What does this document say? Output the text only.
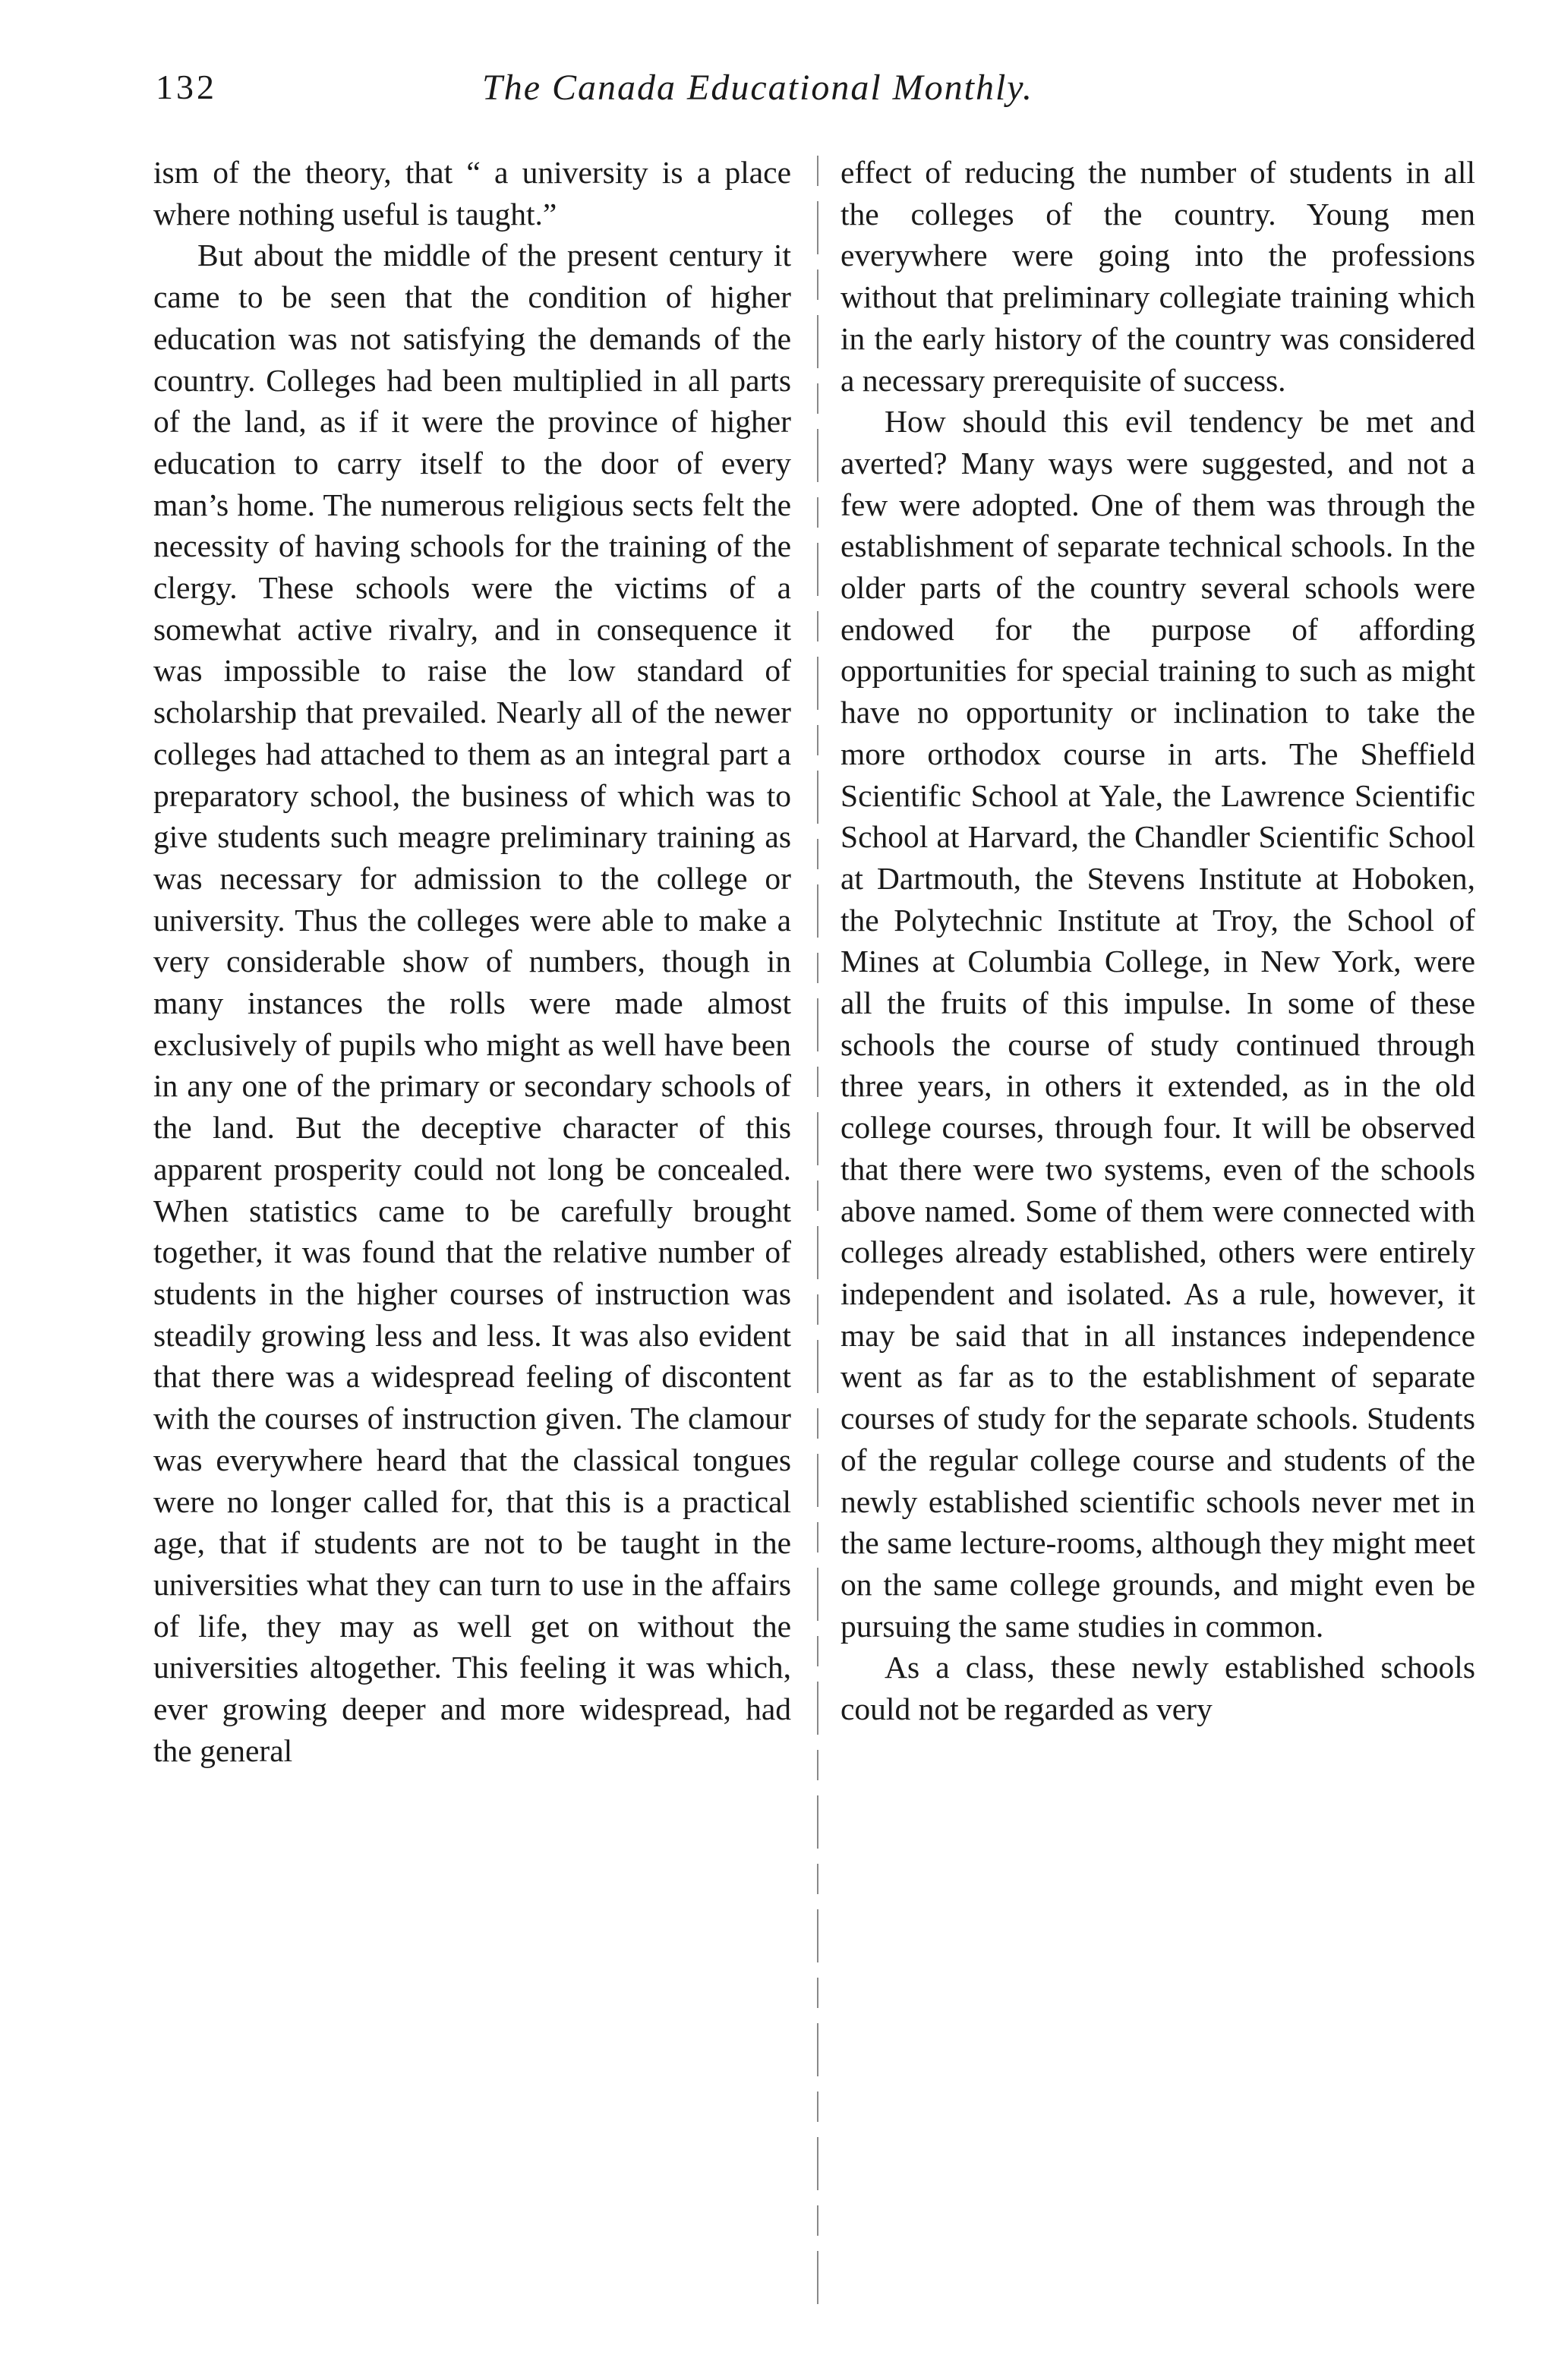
132	The Canada Educational Monthly.

ism of the theory, that “ a university is a place where nothing useful is taught.”

But about the middle of the present century it came to be seen that the condition of higher education was not satisfying the demands of the country. Colleges had been multiplied in all parts of the land, as if it were the province of higher education to carry itself to the door of every man’s home. The numerous religious sects felt the necessity of having schools for the training of the clergy. These schools were the victims of a somewhat active rivalry, and in consequence it was impossible to raise the low standard of scholarship that prevailed. Nearly all of the newer colleges had attached to them as an integral part a preparatory school, the business of which was to give students such meagre preliminary training as was necessary for admission to the college or university. Thus the colleges were able to make a very considerable show of numbers, though in many instances the rolls were made almost exclusively of pupils who might as well have been in any one of the primary or secondary schools of the land. But the deceptive character of this apparent prosperity could not long be concealed. When statistics came to be carefully brought together, it was found that the relative number of students in the higher courses of instruction was steadily growing less and less. It was also evident that there was a widespread feeling of discontent with the courses of instruction given. The clamour was everywhere heard that the classical tongues were no longer called for, that this is a practical age, that if students are not to be taught in the universities what they can turn to use in the affairs of life, they may as well get on without the universities altogether. This feeling it was which, ever growing deeper and more widespread, had the general

effect of reducing the number of students in all the colleges of the country. Young men everywhere were going into the professions without that preliminary collegiate training which in the early history of the country was considered a necessary prerequisite of success.

How should this evil tendency be met and averted? Many ways were suggested, and not a few were adopted. One of them was through the establishment of separate technical schools. In the older parts of the country several schools were endowed for the purpose of affording opportunities for special training to such as might have no opportunity or inclination to take the more orthodox course in arts. The Sheffield Scientific School at Yale, the Lawrence Scientific School at Harvard, the Chandler Scientific School at Dartmouth, the Stevens Institute at Hoboken, the Polytechnic Institute at Troy, the School of Mines at Columbia College, in New York, were all the fruits of this impulse. In some of these schools the course of study continued through three years, in others it extended, as in the old college courses, through four. It will be observed that there were two systems, even of the schools above named. Some of them were connected with colleges already established, others were entirely independent and isolated. As a rule, however, it may be said that in all instances independence went as far as to the establishment of separate courses of study for the separate schools. Students of the regular college course and students of the newly established scientific schools never met in the same lecture-rooms, although they might meet on the same college grounds, and might even be pursuing the same studies in common.

As a class, these newly established schools could not be regarded as very
